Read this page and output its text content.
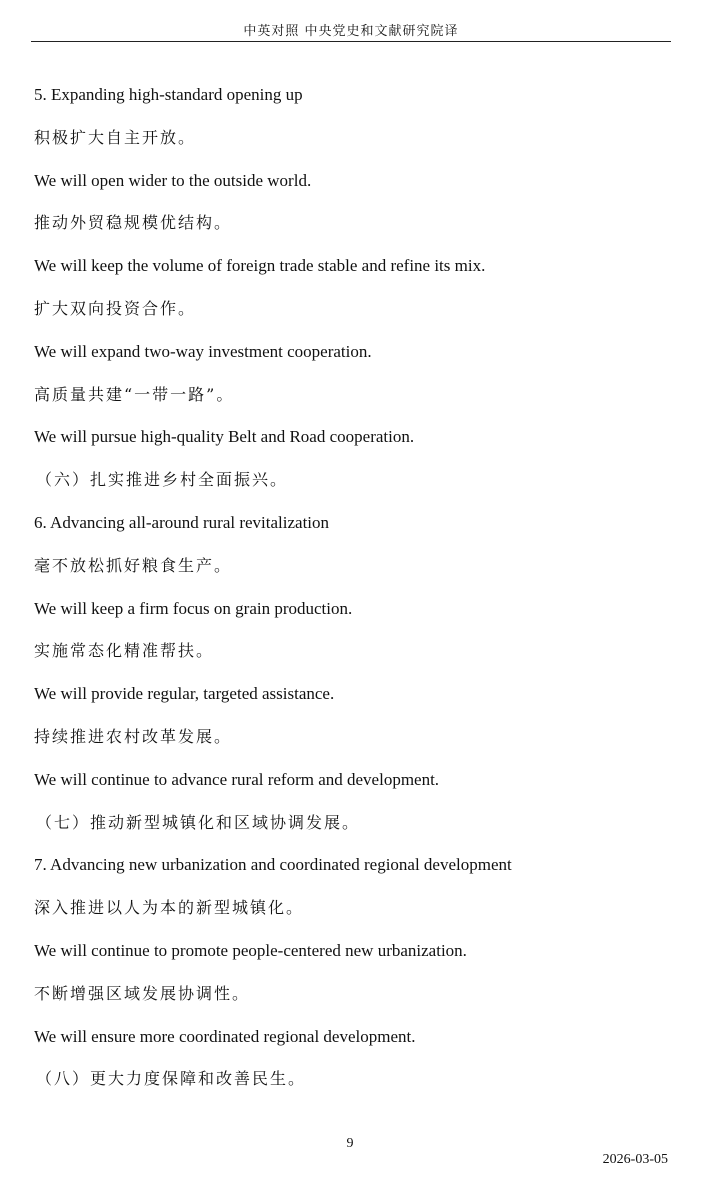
中英对照 中央党史和文献研究院译
5. Expanding high-standard opening up
积极扩大自主开放。
We will open wider to the outside world.
推动外贸稳规模优结构。
We will keep the volume of foreign trade stable and refine its mix.
扩大双向投资合作。
We will expand two-way investment cooperation.
高质量共建“一带一路”。
We will pursue high-quality Belt and Road cooperation.
（六）扎实推进乡村全面振兴。
6. Advancing all-around rural revitalization
毫不放松抓好粮食生产。
We will keep a firm focus on grain production.
实施常态化精准帮扶。
We will provide regular, targeted assistance.
持续推进农村改革发展。
We will continue to advance rural reform and development.
（七）推动新型城镇化和区域协调发展。
7. Advancing new urbanization and coordinated regional development
深入推进以人为本的新型城镇化。
We will continue to promote people-centered new urbanization.
不断增强区域发展协调性。
We will ensure more coordinated regional development.
（八）更大力度保障和改善民生。
9
2026-03-05
